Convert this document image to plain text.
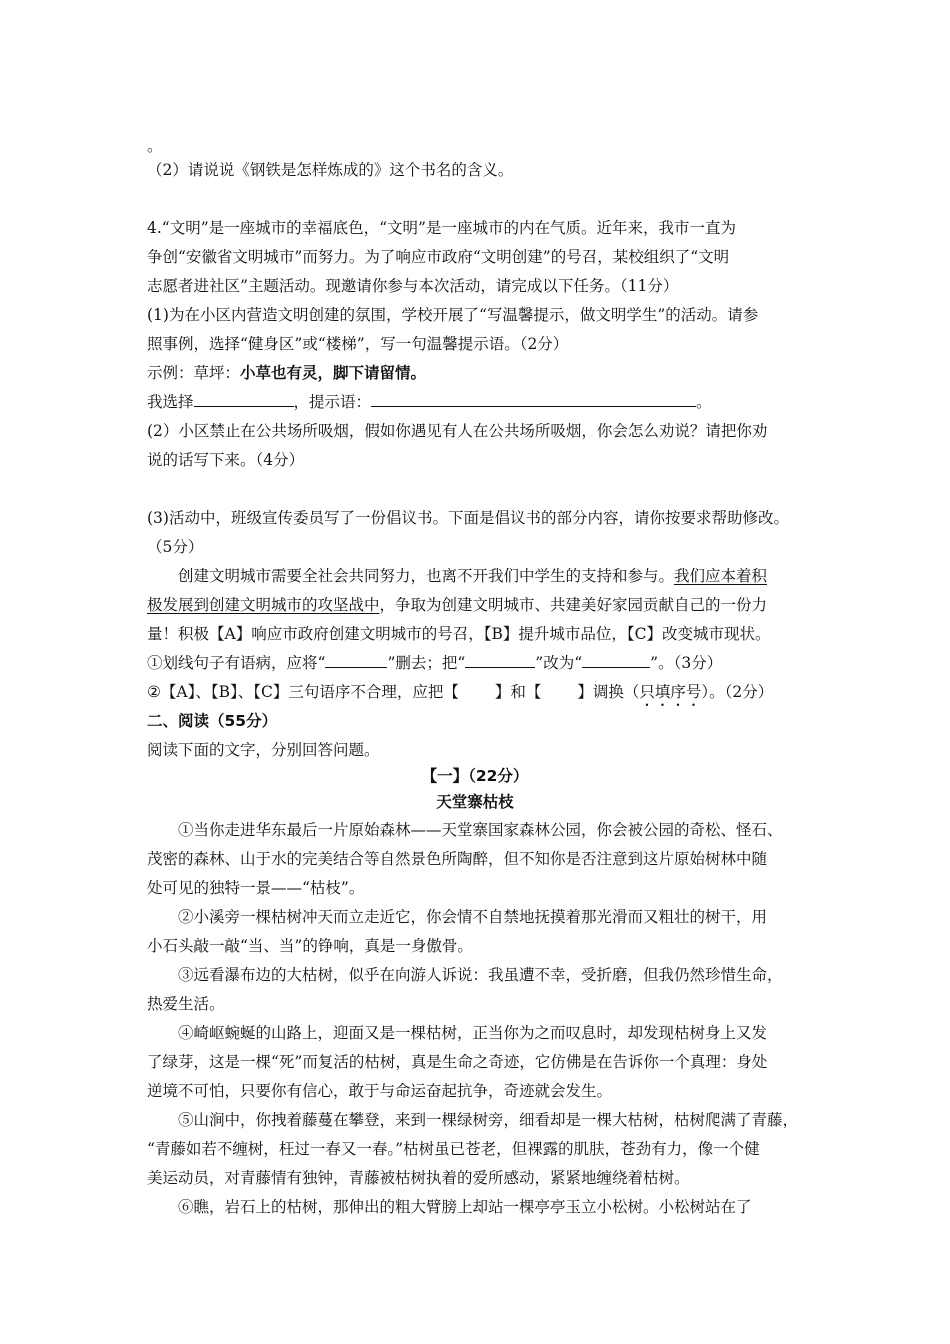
。
（2）请说说《钢铁是怎样炼成的》这个书名的含义。
4.“文明”是一座城市的幸福底色，“文明”是一座城市的内在气质。近年来，我市一直为
争创“安徽省文明城市”而努力。为了响应市政府“文明创建”的号召，某校组织了“文明
志愿者进社区”主题活动。现邀请你参与本次活动，请完成以下任务。（11分）
(1)为在小区内营造文明创建的氛围，学校开展了“写温馨提示，做文明学生”的活动。请参
照事例，选择“健身区”或“楼梯”，写一句温馨提示语。（2分）
示例：草坪：小草也有灵，脚下请留情。
我选择	，提示语：	。
(2）小区禁止在公共场所吸烟，假如你遇见有人在公共场所吸烟，你会怎么劝说？请把你劝
说的话写下来。（4分）
(3)活动中，班级宣传委员写了一份倡议书。下面是倡议书的部分内容，请你按要求帮助修改。
（5分）
创建文明城市需要全社会共同努力，也离不开我们中学生的支持和参与。我们应本着积
极发展到创建文明城市的攻坚战中，争取为创建文明城市、共建美好家园贡献自己的一份力
量！积极【A】响应市政府创建文明城市的号召，【B】提升城市品位，【C】改变城市现状。
①划线句子有语病，应将“	”删去；把“	”改为“	”。（3分）
②【A】、【B】、【C】三句语序不合理，应把【 】和【 】调换（只填序号）。（2分）
二、阅读（55分）
阅读下面的文字，分别回答问题。
【一】（22分）
天堂寨枯枝
①当你走进华东最后一片原始森林——天堂寨国家森林公园，你会被公园的奇松、怪石、
茂密的森林、山于水的完美结合等自然景色所陶醉，但不知你是否注意到这片原始树林中随
处可见的独特一景——“枯枝”。
②小溪旁一棵枯树冲天而立走近它，你会情不自禁地抚摸着那光滑而又粗壮的树干，用
小石头敲一敲“当、当”的铮响，真是一身傲骨。
③远看瀑布边的大枯树，似乎在向游人诉说：我虽遭不幸，受折磨，但我仍然珍惜生命，
热爱生活。
④崎岖蜿蜒的山路上，迎面又是一棵枯树，正当你为之而叹息时，却发现枯树身上又发
了绿芽，这是一棵“死”而复活的枯树，真是生命之奇迹，它仿佛是在告诉你一个真理：身处
逆境不可怕，只要你有信心，敢于与命运奋起抗争，奇迹就会发生。
⑤山涧中，你拽着藤蔓在攀登，来到一棵绿树旁，细看却是一棵大枯树，枯树爬满了青藤，
“青藤如若不缠树，枉过一春又一春。”枯树虽已苍老，但裸露的肌肤，苍劲有力，像一个健
美运动员，对青藤情有独钟，青藤被枯树执着的爱所感动，紧紧地缠绕着枯树。
⑥瞧，岩石上的枯树，那伸出的粗大臂膀上却站一棵亭亭玉立小松树。小松树站在了
